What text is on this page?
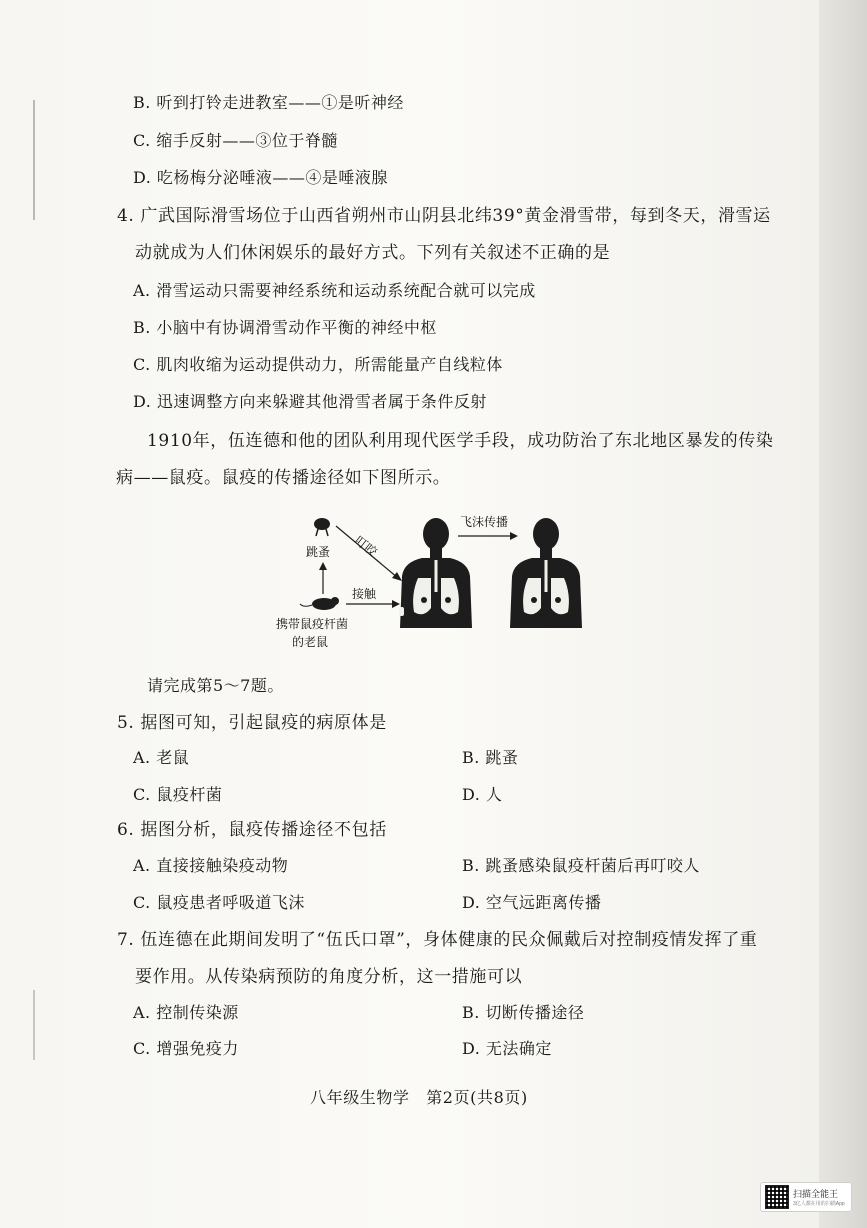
B. 听到打铃走进教室——①是听神经
C. 缩手反射——③位于脊髓
D. 吃杨梅分泌唾液——④是唾液腺
4. 广武国际滑雪场位于山西省朔州市山阴县北纬39°黄金滑雪带，每到冬天，滑雪运
动就成为人们休闲娱乐的最好方式。下列有关叙述不正确的是
A. 滑雪运动只需要神经系统和运动系统配合就可以完成
B. 小脑中有协调滑雪动作平衡的神经中枢
C. 肌肉收缩为运动提供动力，所需能量产自线粒体
D. 迅速调整方向来躲避其他滑雪者属于条件反射
1910年，伍连德和他的团队利用现代医学手段，成功防治了东北地区暴发的传染
病——鼠疫。鼠疫的传播途径如下图所示。
跳蚤 叮咬
接触
携带鼠疫杆菌
的老鼠
飞沫传播
请完成第5～7题。
5. 据图可知，引起鼠疫的病原体是
A. 老鼠	B. 跳蚤
C. 鼠疫杆菌	D. 人
6. 据图分析，鼠疫传播途径不包括
A. 直接接触染疫动物	B. 跳蚤感染鼠疫杆菌后再叮咬人
C. 鼠疫患者呼吸道飞沫	D. 空气远距离传播
7. 伍连德在此期间发明了“伍氏口罩”，身体健康的民众佩戴后对控制疫情发挥了重
要作用。从传染病预防的角度分析，这一措施可以
A. 控制传染源	B. 切断传播途径
C. 增强免疫力	D. 无法确定
八年级生物学　第2页(共8页)
扫描全能王
3亿人都在用的扫描App
